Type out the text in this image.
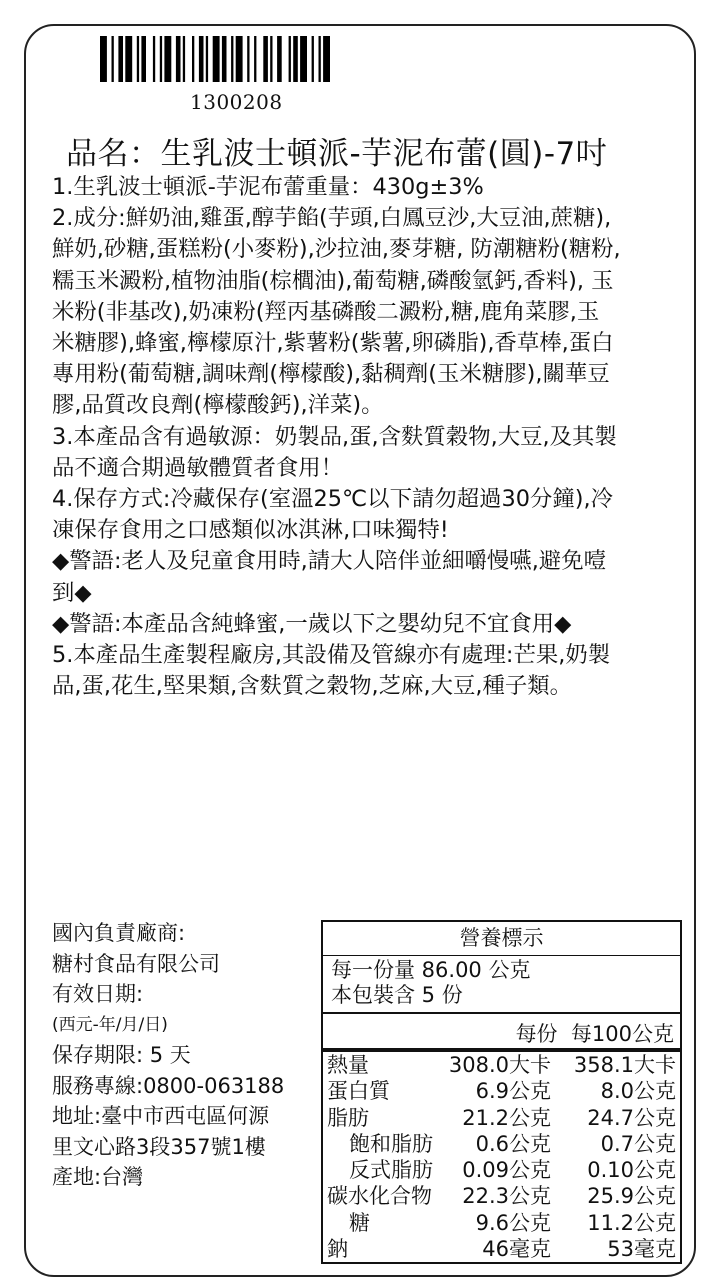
1300208
品名：生乳波士頓派-芋泥布蕾(圓)-7吋

1.生乳波士頓派-芋泥布蕾重量：430g±3%

2.成分:鮮奶油,雞蛋,醇芋餡(芋頭,白鳳豆沙,大豆油,蔗糖),

鮮奶,砂糖,蛋糕粉(小麥粉),沙拉油,麥芽糖, 防潮糖粉(糖粉,

糯玉米澱粉,植物油脂(棕櫚油),葡萄糖,磷酸氫鈣,香料), 玉

米粉(非基改),奶凍粉(羥丙基磷酸二澱粉,糖,鹿角菜膠,玉

米糖膠),蜂蜜,檸檬原汁,紫薯粉(紫薯,卵磷脂),香草棒,蛋白

專用粉(葡萄糖,調味劑(檸檬酸),黏稠劑(玉米糖膠),關華豆

膠,品質改良劑(檸檬酸鈣),洋菜)。

3.本產品含有過敏源：奶製品,蛋,含麩質穀物,大豆,及其製

品不適合期過敏體質者食用！

4.保存方式:冷藏保存(室溫25℃以下請勿超過30分鐘),冷

凍保存食用之口感類似冰淇淋,口味獨特!

◆警語:老人及兒童食用時,請大人陪伴並細嚼慢嚥,避免噎

到◆

◆警語:本產品含純蜂蜜,一歲以下之嬰幼兒不宜食用◆

5.本產品生產製程廠房,其設備及管線亦有處理:芒果,奶製

品,蛋,花生,堅果類,含麩質之穀物,芝麻,大豆,種子類。

國內負責廠商:

糖村食品有限公司

有效日期:

(西元-年/月/日)

保存期限: 5 天

服務專線:0800-063188

地址:臺中市西屯區何源

里文心路3段357號1樓

產地:台灣

營養標示

每一份量 86.00 公克

本包裝含 5 份

每份  每100公克
熱量	308.0大卡 358.1大卡
蛋白質	6.9公克 8.0公克
脂肪	21.2公克 24.7公克
飽和脂肪 0.6公克 0.7公克
反式脂肪 0.09公克 0.10公克
碳水化合物 22.3公克 25.9公克
糖	9.6公克 11.2公克
鈉	46毫克	53毫克
